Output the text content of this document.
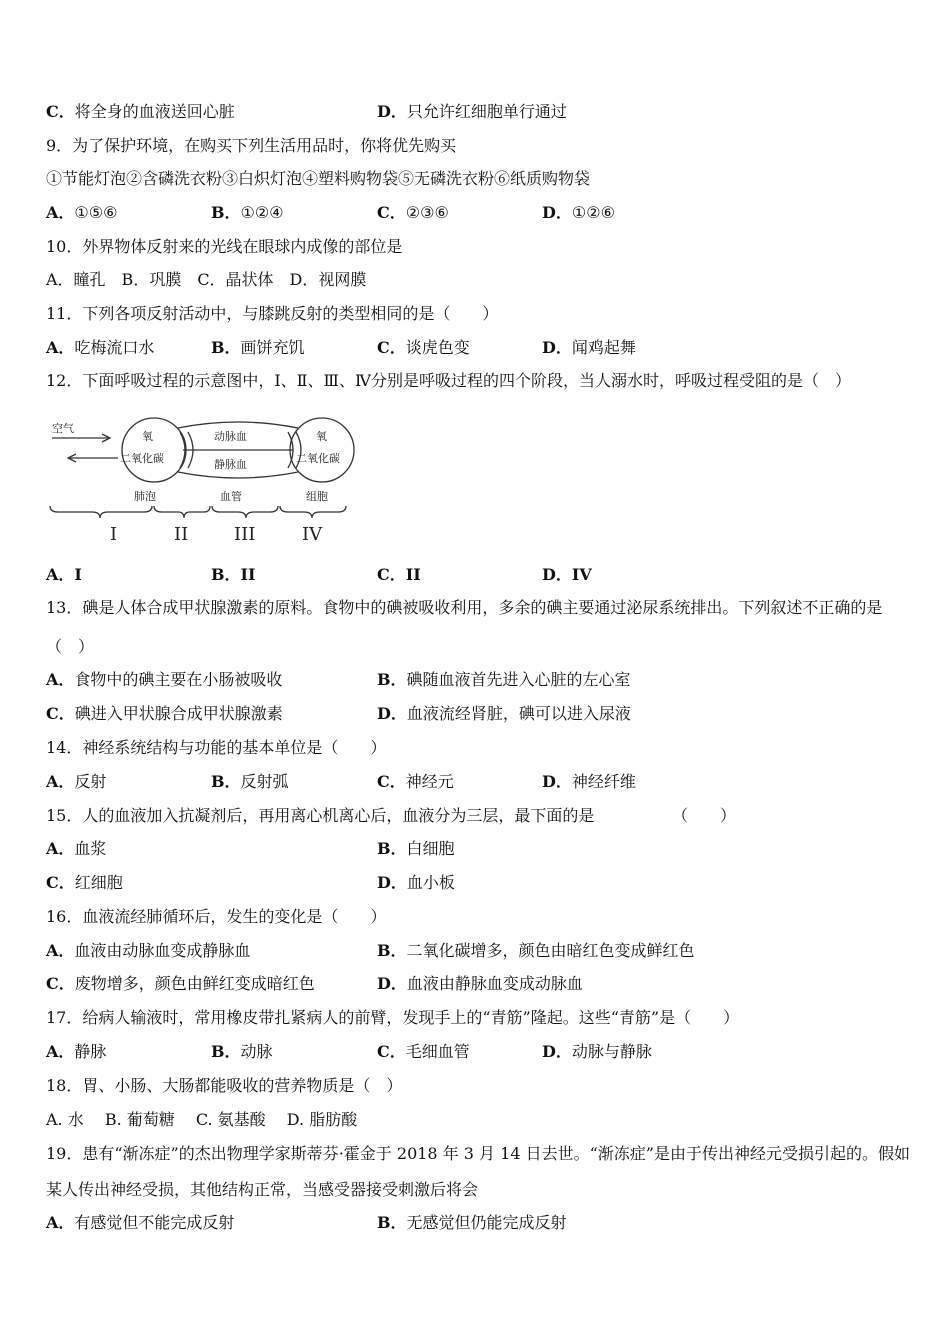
C．将全身的血液送回心脏	D．只允许红细胞单行通过
9．为了保护环境，在购买下列生活用品时，你将优先购买
①节能灯泡②含磷洗衣粉③白炽灯泡④塑料购物袋⑤无磷洗衣粉⑥纸质购物袋
A．①⑤⑥	B．①②④	C．②③⑥	D．①②⑥
10．外界物体反射来的光线在眼球内成像的部位是
A．瞳孔　B．巩膜　C．晶状体　D．视网膜
11．下列各项反射活动中，与膝跳反射的类型相同的是（　　）
A．吃梅流口水	B．画饼充饥	C．谈虎色变	D．闻鸡起舞
12．下面呼吸过程的示意图中，Ⅰ、Ⅱ、Ⅲ、Ⅳ分别是呼吸过程的四个阶段，当人溺水时，呼吸过程受阻的是（　）
空气
氧
二氧化碳
动脉血
静脉血
氧
二氧化碳
肺泡	血管	组胞
I	II	III	IV
A．I	B．II	C．II	D．IV
13．碘是人体合成甲状腺激素的原料。食物中的碘被吸收利用，多余的碘主要通过泌尿系统排出。下列叙述不正确的是
（　）
A．食物中的碘主要在小肠被吸收	B．碘随血液首先进入心脏的左心室
C．碘进入甲状腺合成甲状腺激素	D．血液流经肾脏，碘可以进入尿液
14．神经系统结构与功能的基本单位是（　　）
A．反射	B．反射弧	C．神经元	D．神经纤维
15．人的血液加入抗凝剂后，再用离心机离心后，血液分为三层，最下面的是	（　　）
A．血浆	B．白细胞
C．红细胞	D．血小板
16．血液流经肺循环后，发生的变化是（　　）
A．血液由动脉血变成静脉血	B．二氧化碳增多，颜色由暗红色变成鲜红色
C．废物增多，颜色由鲜红变成暗红色	D．血液由静脉血变成动脉血
17．给病人输液时，常用橡皮带扎紧病人的前臂，发现手上的“青筋”隆起。这些“青筋”是（　　）
A．静脉	B．动脉	C．毛细血管	D．动脉与静脉
18．胃、小肠、大肠都能吸收的营养物质是（　）
A. 水　 B. 葡萄糖　 C. 氨基酸　 D. 脂肪酸
19．患有“渐冻症”的杰出物理学家斯蒂芬·霍金于 2018 年 3 月 14 日去世。“渐冻症”是由于传出神经元受损引起的。假如
某人传出神经受损，其他结构正常，当感受器接受刺激后将会
A．有感觉但不能完成反射	B．无感觉但仍能完成反射
